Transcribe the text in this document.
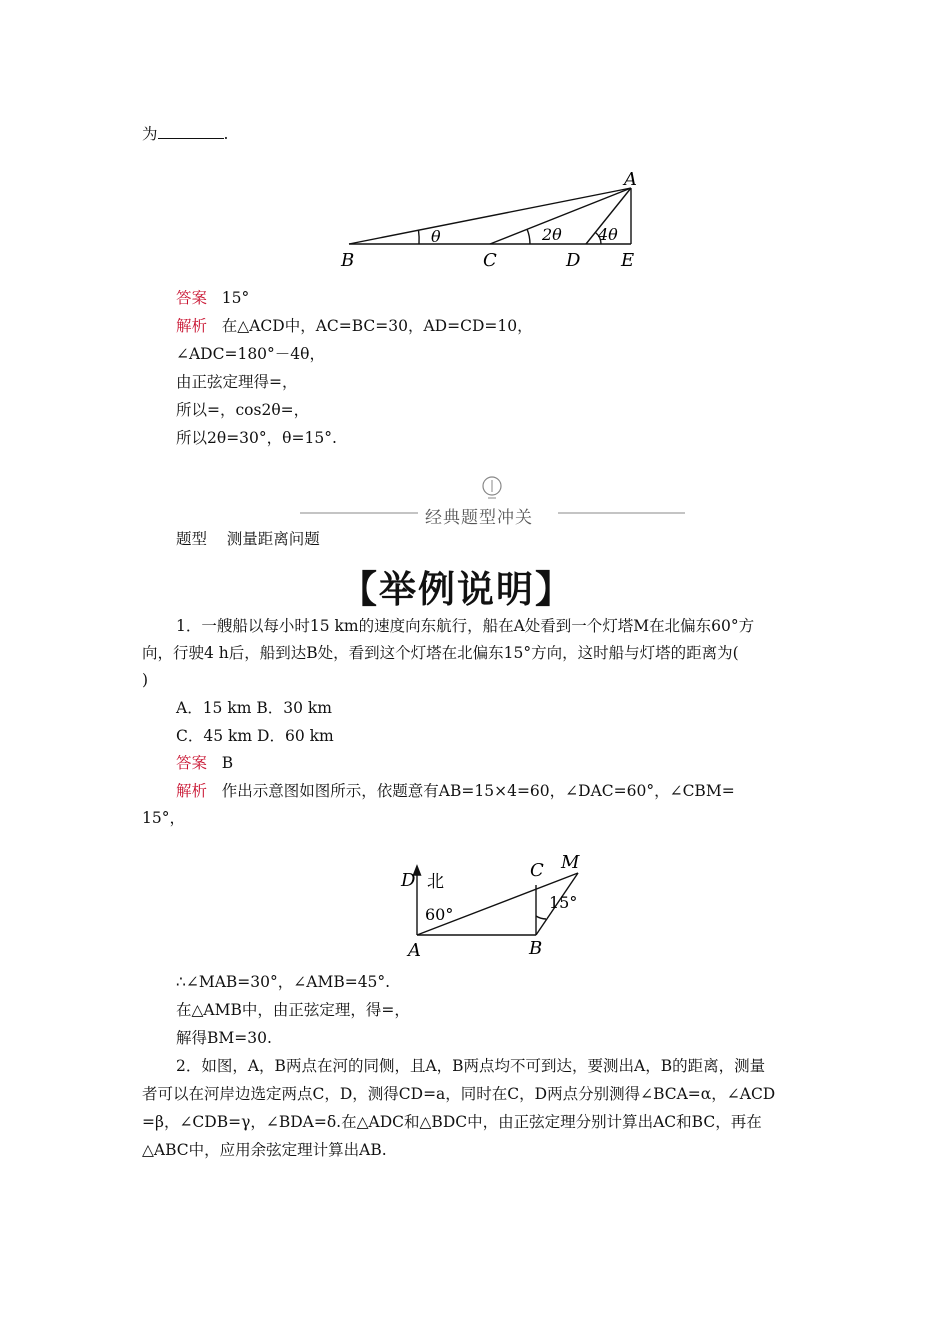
为	.
A
B	C	D E
θ	2θ 4θ
答案 15°
解析 在△ACD中，AC=BC=30，AD=CD=10，
∠ADC=180°－4θ，
由正弦定理得=，
所以=，cos2θ=，
所以2θ=30°，θ=15°.
经典题型冲关
题型 测量距离问题
【举例说明】
1．一艘船以每小时15 km的速度向东航行，船在A处看到一个灯塔M在北偏东60°方
向，行驶4 h后，船到达B处，看到这个灯塔在北偏东15°方向，这时船与灯塔的距离为(
)
A．15 km B．30 km
C．45 km D．60 km
答案 B
解析 作出示意图如图所示，依题意有AB=15×4=60，∠DAC=60°，∠CBM=
15°，
D 北
C M
60°
15°
A	B
∴∠MAB=30°，∠AMB=45°.
在△AMB中，由正弦定理，得=，
解得BM=30.
2．如图，A，B两点在河的同侧，且A，B两点均不可到达，要测出A，B的距离，测量
者可以在河岸边选定两点C，D，测得CD=a，同时在C，D两点分别测得∠BCA=α，∠ACD
=β，∠CDB=γ，∠BDA=δ.在△ADC和△BDC中，由正弦定理分别计算出AC和BC，再在
△ABC中，应用余弦定理计算出AB.
